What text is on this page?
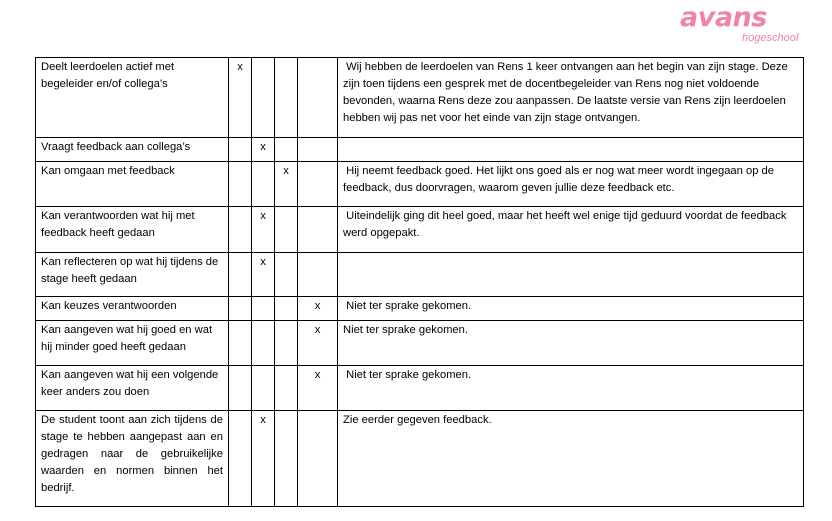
avans
hogeschool
Deelt leerdoelen actief met begeleider en/of collega’s	x				Wij hebben de leerdoelen van Rens 1 keer ontvangen aan het begin van zijn stage. Deze zijn toen tijdens een gesprek met de docentbegeleider van Rens nog niet voldoende bevonden, waarna Rens deze zou aanpassen. De laatste versie van Rens zijn leerdoelen hebben wij pas net voor het einde van zijn stage ontvangen.
Vraagt feedback aan collega’s		x			
Kan omgaan met feedback			x		Hij neemt feedback goed. Het lijkt ons goed als er nog wat meer wordt ingegaan op de feedback, dus doorvragen, waarom geven jullie deze feedback etc.
Kan verantwoorden wat hij met feedback heeft gedaan		x			Uiteindelijk ging dit heel goed, maar het heeft wel enige tijd geduurd voordat de feedback werd opgepakt.
Kan reflecteren op wat hij tijdens de stage heeft gedaan		x			
Kan keuzes verantwoorden				x	Niet ter sprake gekomen.
Kan aangeven wat hij goed en wat hij minder goed heeft gedaan				x	Niet ter sprake gekomen.
Kan aangeven wat hij een volgende keer anders zou doen				x	Niet ter sprake gekomen.
De student toont aan zich tijdens de stage te hebben aangepast aan en gedragen naar de gebruikelijke waarden en normen binnen het bedrijf.		x			Zie eerder gegeven feedback.
